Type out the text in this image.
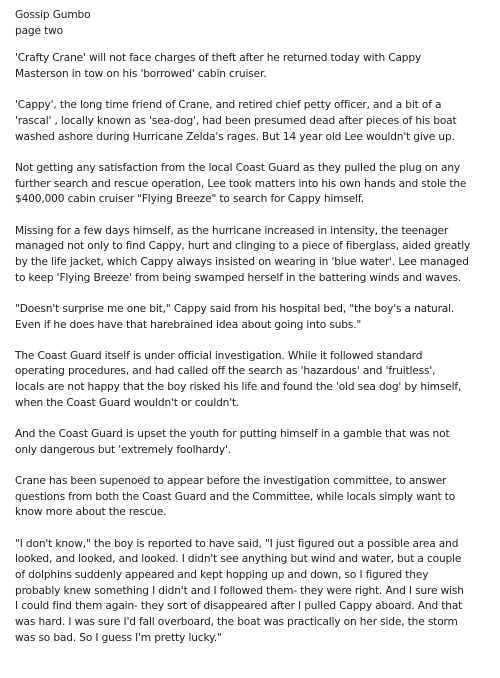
Gossip Gumbo
page two
'Crafty Crane' will not face charges of theft after he returned today with Cappy
Masterson in tow on his 'borrowed' cabin cruiser.
'Cappy', the long time friend of Crane, and retired chief petty officer, and a bit of a
'rascal' , locally known as 'sea-dog', had been presumed dead after pieces of his boat
washed ashore during Hurricane Zelda's rages. But 14 year old Lee wouldn't give up.
Not getting any satisfaction from the local Coast Guard as they pulled the plug on any
further search and rescue operation, Lee took matters into his own hands and stole the
$400,000 cabin cruiser "Flying Breeze" to search for Cappy himself.
Missing for a few days himself, as the hurricane increased in intensity, the teenager
managed not only to find Cappy, hurt and clinging to a piece of fiberglass, aided greatly
by the life jacket, which Cappy always insisted on wearing in 'blue water'. Lee managed
to keep 'Flying Breeze' from being swamped herself in the battering winds and waves.
"Doesn't surprise me one bit," Cappy said from his hospital bed, "the boy's a natural.
Even if he does have that harebrained idea about going into subs."
The Coast Guard itself is under official investigation. While it followed standard
operating procedures, and had called off the search as 'hazardous' and 'fruitless',
locals are not happy that the boy risked his life and found the 'old sea dog' by himself,
when the Coast Guard wouldn't or couldn't.
And the Coast Guard is upset the youth for putting himself in a gamble that was not
only dangerous but 'extremely foolhardy'.
Crane has been supenoed to appear before the investigation committee, to answer
questions from both the Coast Guard and the Committee, while locals simply want to
know more about the rescue.
"I don't know," the boy is reported to have said, "I just figured out a possible area and
looked, and looked, and looked. I didn't see anything but wind and water, but a couple
of dolphins suddenly appeared and kept hopping up and down, so I figured they
probably knew something I didn't and I followed them- they were right. And I sure wish
I could find them again- they sort of disappeared after I pulled Cappy aboard. And that
was hard. I was sure I'd fall overboard, the boat was practically on her side, the storm
was so bad. So I guess I'm pretty lucky."
